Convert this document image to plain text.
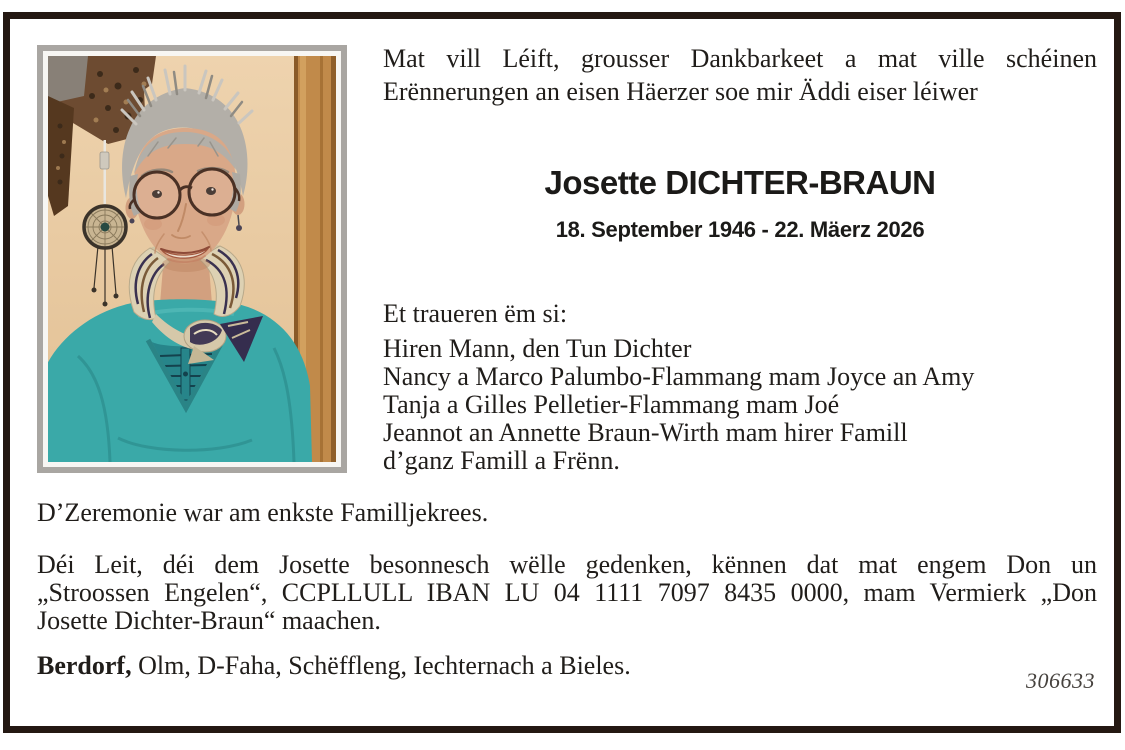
Mat vill Léift, grousser Dankbarkeet a mat ville schéinen
Erënnerungen an eisen Häerzer soe mir Äddi eiser léiwer
Josette DICHTER-BRAUN
18. September 1946 - 22. Mäerz 2026
Et traueren ëm si:
Hiren Mann, den Tun Dichter
Nancy a Marco Palumbo-Flammang mam Joyce an Amy
Tanja a Gilles Pelletier-Flammang mam Joé
Jeannot an Annette Braun-Wirth mam hirer Famill
d’ganz Famill a Frënn.
D’Zeremonie war am enkste Familljekrees.
Déi Leit, déi dem Josette besonnesch wëlle gedenken, kënnen dat mat engem Don un
„Stroossen Engelen“, CCPLLULL IBAN LU 04 1111 7097 8435 0000, mam Vermierk „Don
Josette Dichter-Braun“ maachen.
Berdorf, Olm, D-Faha, Schëffleng, Iechternach a Bieles.
306633
